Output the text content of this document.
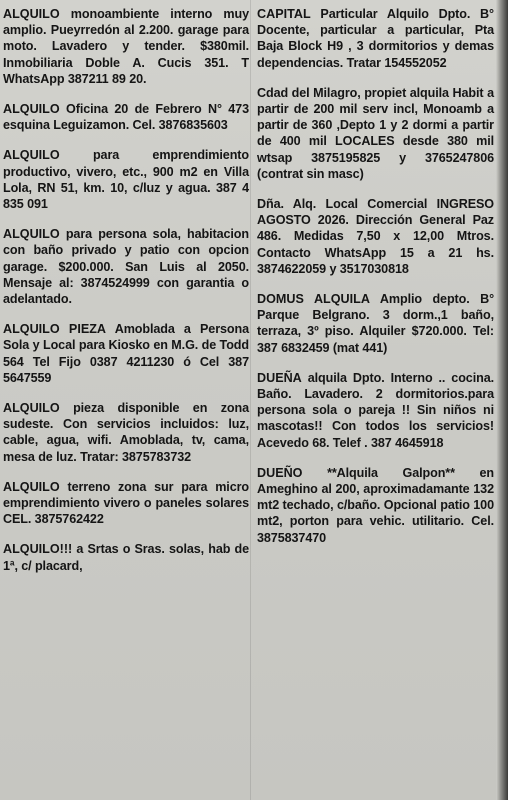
ALQUILO monoambiente interno muy amplio. Pueyrredón al 2.200. garage para moto. Lavadero y tender. $380mil. Inmobiliaria Doble A. Cucis 351. T WhatsApp 387211 89 20.

ALQUILO Oficina 20 de Febrero N° 473 esquina Leguizamon. Cel. 3876835603

ALQUILO para emprendimiento productivo, vivero, etc., 900 m2 en Villa Lola, RN 51, km. 10, c/luz y agua. 387 4 835 091

ALQUILO para persona sola, habitacion con baño privado y patio con opcion garage. $200.000. San Luis al 2050. Mensaje al: 3874524999 con garantia o adelantado.

ALQUILO PIEZA Amoblada a Persona Sola y Local para Kiosko en M.G. de Todd 564 Tel Fijo 0387 4211230 ó Cel 387 5647559

ALQUILO pieza disponible en zona sudeste. Con servicios incluidos: luz, cable, agua, wifi. Amoblada, tv, cama, mesa de luz. Tratar: 3875783732

ALQUILO terreno zona sur para micro emprendimiento vivero o paneles solares CEL. 3875762422

ALQUILO!!! a Srtas o Sras. solas, hab de 1ª, c/ placard,

CAPITAL Particular Alquilo Dpto. B° Docente, particular a particular, Pta Baja Block H9 , 3 dormitorios y demas dependencias. Tratar 154552052

Cdad del Milagro, propiet alquila Habit a partir de 200 mil serv incl, Monoamb a partir de 360 ,Depto 1 y 2 dormi a partir de 400 mil LOCALES desde 380 mil wtsap 3875195825 y 3765247806 (contrat sin masc)

Dña. Alq. Local Comercial INGRESO AGOSTO 2026. Dirección General Paz 486. Medidas 7,50 x 12,00 Mtros. Contacto WhatsApp 15 a 21 hs. 3874622059 y 3517030818

DOMUS ALQUILA Amplio depto. B° Parque Belgrano. 3 dorm.,1 baño, terraza, 3º piso. Alquiler $720.000. Tel: 387 6832459 (mat 441)

DUEÑA alquila Dpto. Interno .. cocina. Baño. Lavadero. 2 dormitorios.para persona sola o pareja !! Sin niños ni mascotas!! Con todos los servicios! Acevedo 68. Telef . 387 4645918

DUEÑO **Alquila Galpon** en Ameghino al 200, aproximadamante 132 mt2 techado, c/baño. Opcional patio 100 mt2, porton para vehic. utilitario. Cel. 3875837470
